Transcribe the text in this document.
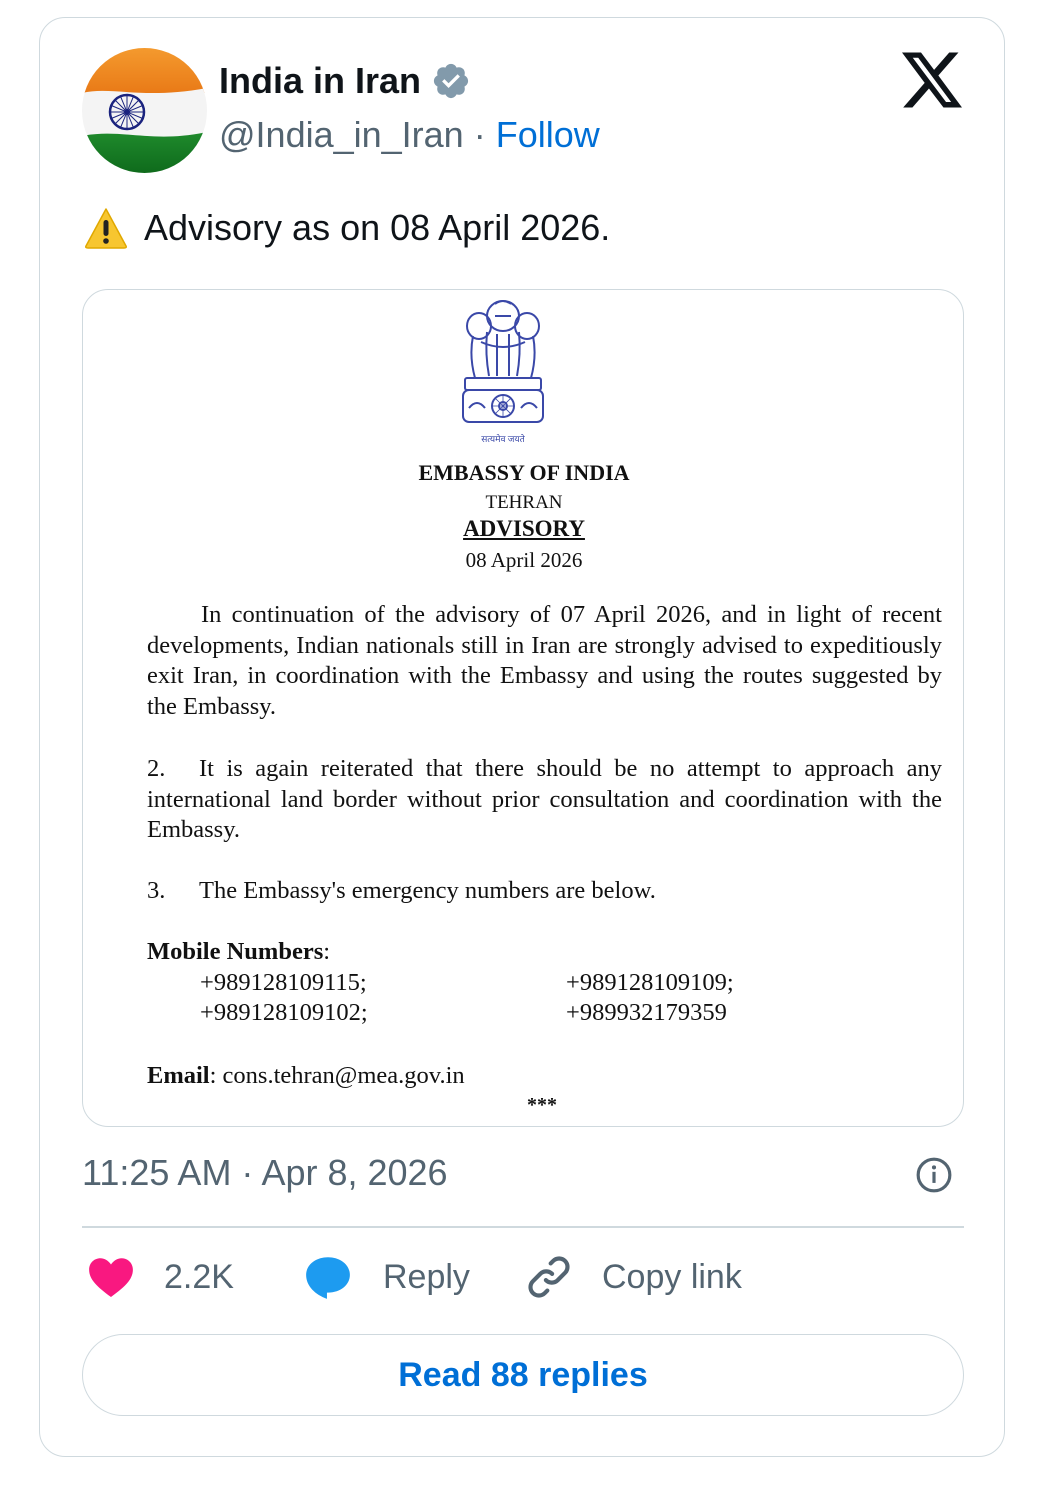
India in Iran
@India_in_Iran · Follow
Advisory as on 08 April 2026.
सत्यमेव जयते
EMBASSY OF INDIA
TEHRAN
ADVISORY
08 April 2026
In continuation of the advisory of 07 April 2026, and in light of recent developments, Indian nationals still in Iran are strongly advised to expeditiously exit Iran, in coordination with the Embassy and using the routes suggested by the Embassy.
2. It is again reiterated that there should be no attempt to approach any international land border without prior consultation and coordination with the Embassy.
3. The Embassy's emergency numbers are below.
Mobile Numbers:
+989128109115;
+989128109102;
+989128109109;
+989932179359
Email: cons.tehran@mea.gov.in
***
11:25 AM · Apr 8, 2026
2.2K	Reply	Copy link
Read 88 replies
